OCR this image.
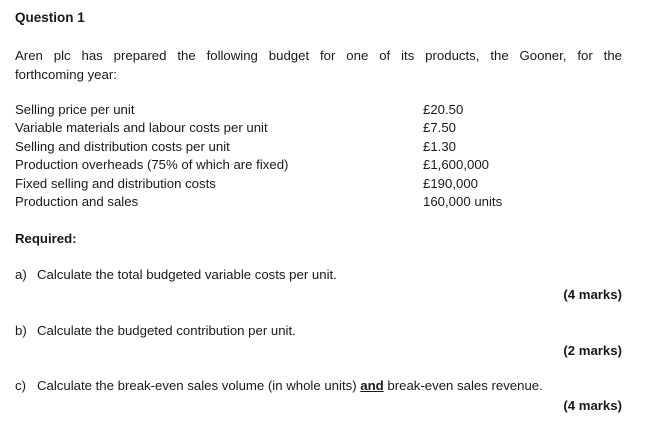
Question 1
Aren plc has prepared the following budget for one of its products, the Gooner, for the
forthcoming year:
Selling price per unit	£20.50
Variable materials and labour costs per unit	£7.50
Selling and distribution costs per unit	£1.30
Production overheads (75% of which are fixed)	£1,600,000
Fixed selling and distribution costs	£190,000
Production and sales	160,000 units
Required:
a) Calculate the total budgeted variable costs per unit.
(4 marks)
b) Calculate the budgeted contribution per unit.
(2 marks)
c) Calculate the break-even sales volume (in whole units) and break-even sales revenue.
(4 marks)
